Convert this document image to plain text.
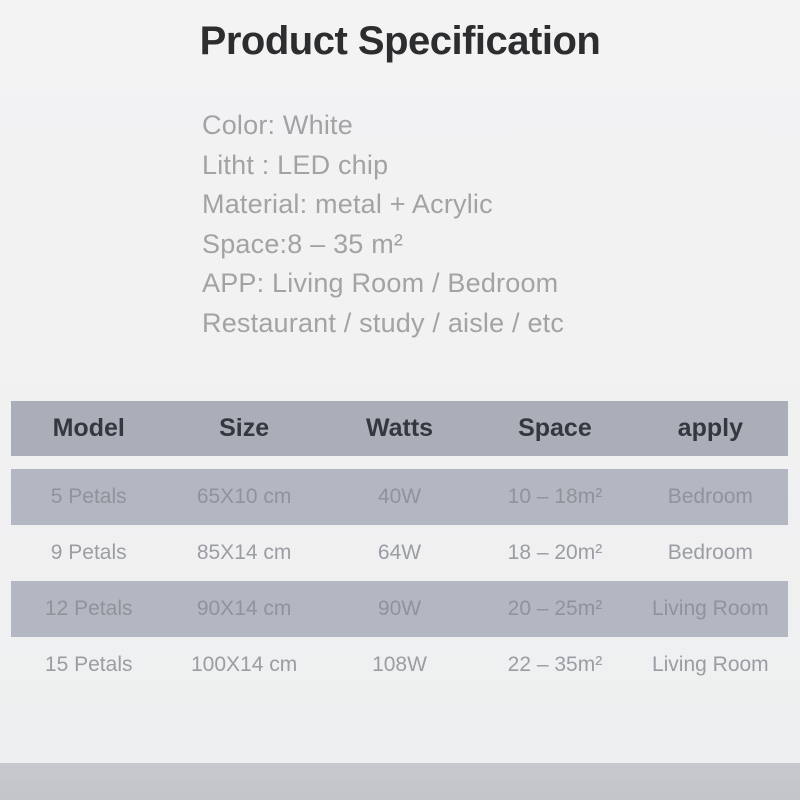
Product Specification
Color: White
Litht : LED chip
Material: metal + Acrylic
Space:8 – 35 m²
APP: Living Room / Bedroom
Restaurant / study / aisle / etc
Model	Size	Watts	Space	apply
5 Petals	65X10 cm	40W	10 – 18m²	Bedroom
9 Petals	85X14 cm	64W	18 – 20m²	Bedroom
12 Petals	90X14 cm	90W	20 – 25m²	Living Room
15 Petals	100X14 cm	108W	22 – 35m²	Living Room
